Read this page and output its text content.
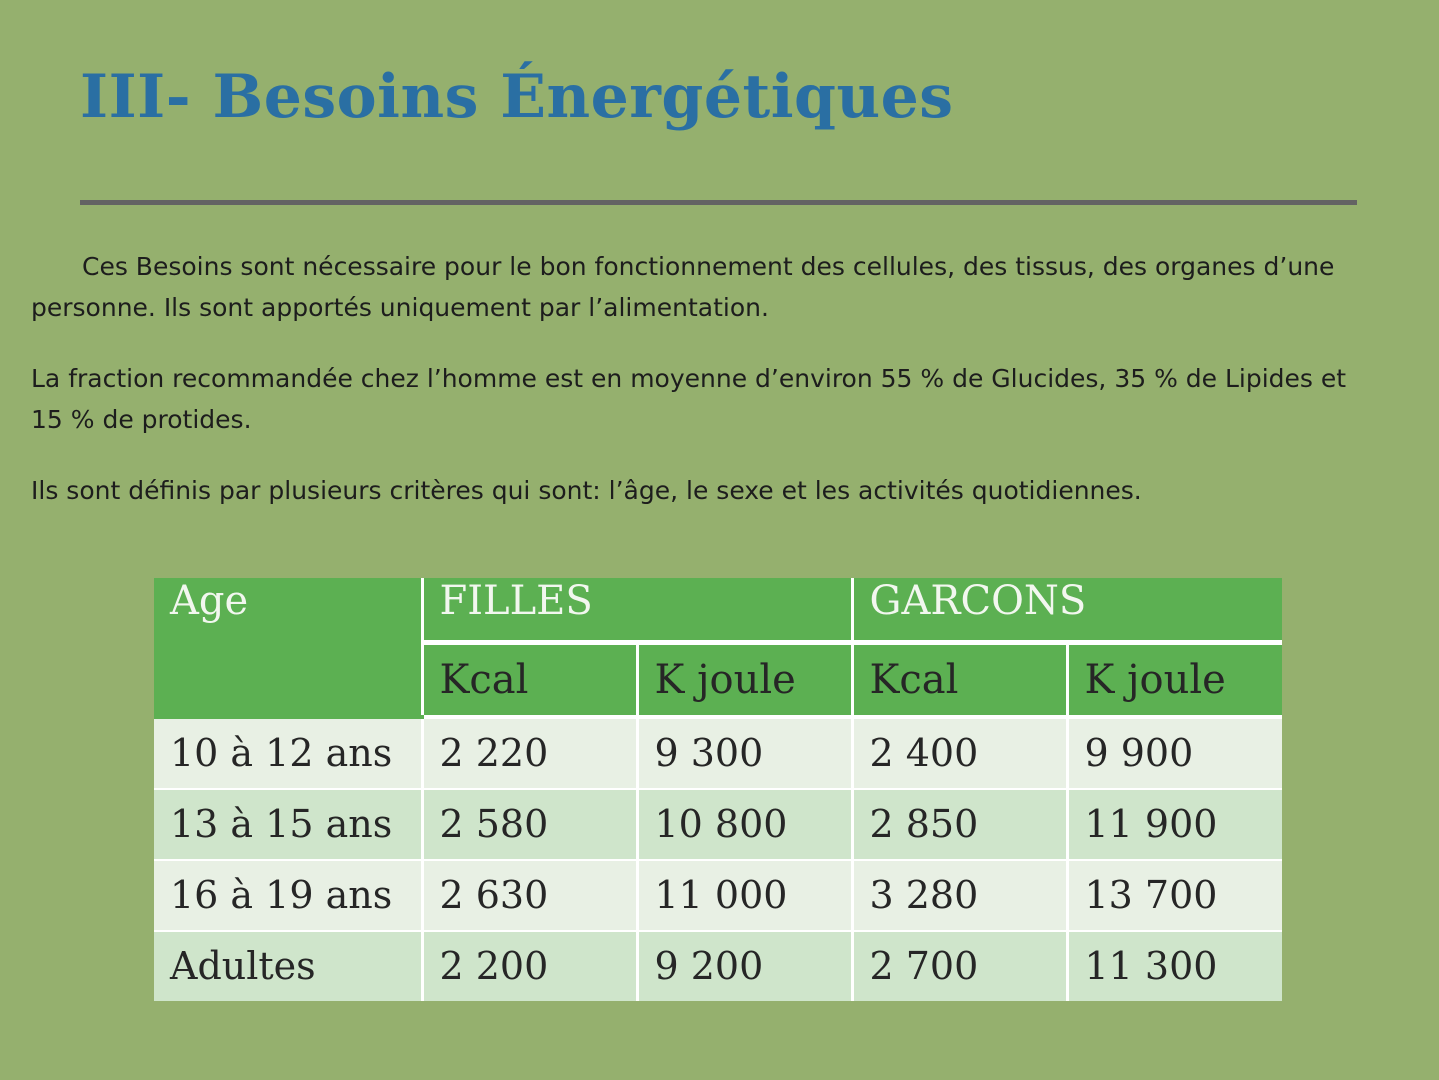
III- Besoins Énergétiques

Ces Besoins sont nécessaire pour le bon fonctionnement des cellules, des tissus, des organes d’une personne. Ils sont apportés uniquement par l’alimentation.

La fraction recommandée chez l’homme est en moyenne d’environ 55 % de Glucides, 35 % de Lipides et 15 % de protides.

Ils sont définis par plusieurs critères qui sont: l’âge, le sexe et les activités quotidiennes.

Age	FILLES		GARCONS	
	Kcal	K joule	Kcal	K joule
10 à 12 ans	2 220	9 300	2 400	9 900
13 à 15 ans	2 580	10 800	2 850	11 900
16 à 19 ans	2 630	11 000	3 280	13 700
Adultes	2 200	9 200	2 700	11 300
